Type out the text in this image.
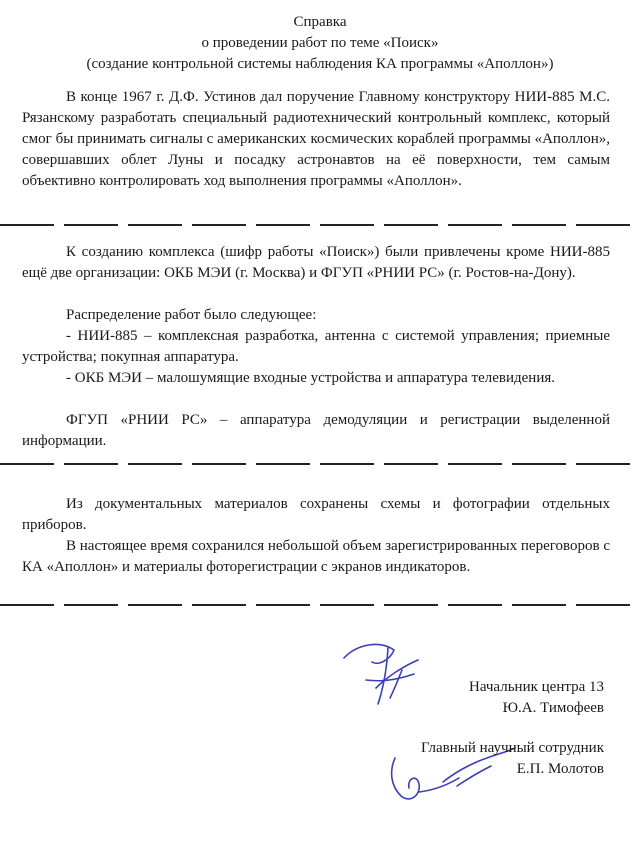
Справка
о проведении работ по теме «Поиск»
(создание контрольной системы наблюдения КА программы «Аполлон»)
В конце 1967 г. Д.Ф. Устинов дал поручение Главному конструктору НИИ-885 М.С. Рязанскому разработать специальный радиотехнический контрольный комплекс, который смог бы принимать сигналы с американских космических кораблей программы «Аполлон», совершавших облет Луны и посадку астронавтов на её поверхности, тем самым объективно контролировать ход выполнения программы «Аполлон».
К созданию комплекса (шифр работы «Поиск») были привлечены кроме НИИ-885 ещё две организации: ОКБ МЭИ (г. Москва) и ФГУП «РНИИ РС» (г. Ростов-на-Дону).
Распределение работ было следующее:
- НИИ-885 – комплексная разработка, антенна с системой управления; приемные устройства; покупная аппаратура.
- ОКБ МЭИ – малошумящие входные устройства и аппаратура телевидения.
ФГУП «РНИИ РС» – аппаратура демодуляции и регистрации выделенной информации.
Из документальных материалов сохранены схемы и фотографии отдельных приборов.
В настоящее время сохранился небольшой объем зарегистрированных переговоров с КА «Аполлон» и материалы фоторегистрации с экранов индикаторов.
Начальник центра 13
Ю.А. Тимофеев
Главный научный сотрудник
Е.П. Молотов
